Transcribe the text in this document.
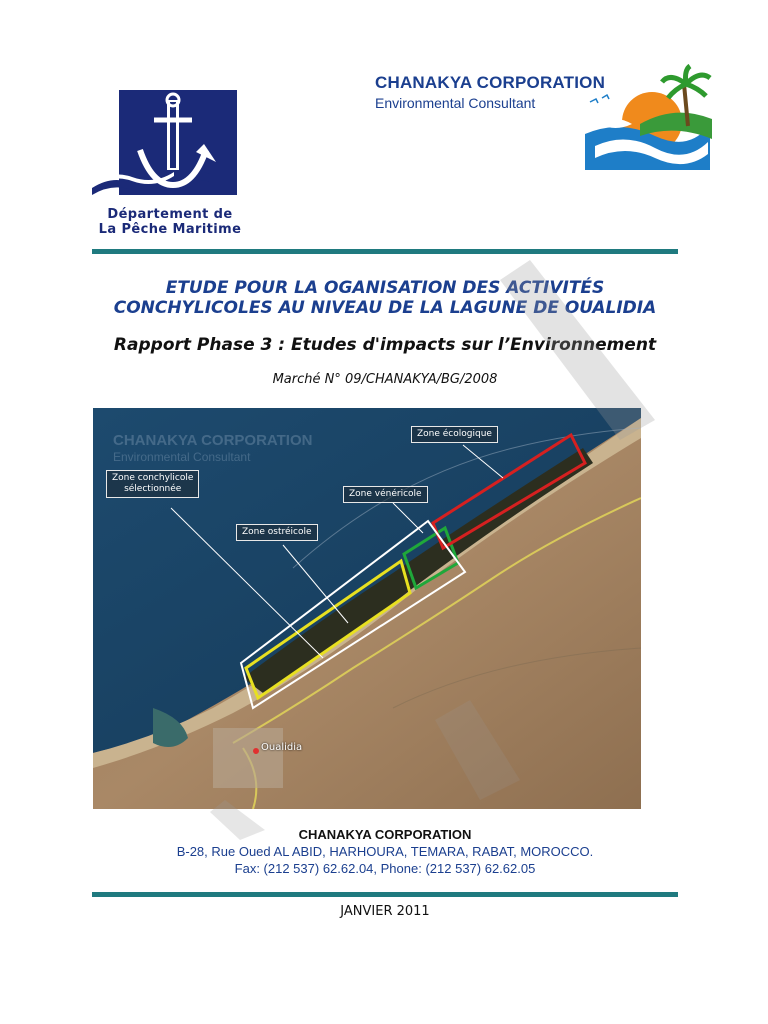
Département de
La Pêche Maritime
CHANAKYA CORPORATION
Environmental Consultant
ETUDE POUR LA OGANISATION DES ACTIVITÉS
CONCHYLICOLES AU NIVEAU DE LA LAGUNE DE OUALIDIA
Rapport Phase 3 : Etudes d'impacts sur l’Environnement
Marché N° 09/CHANAKYA/BG/2008
Zone écologique
Zone conchylicole
sélectionnée	Zone vénéricole
Zone ostréicole
Oualidia
CHANAKYA CORPORATION
Environmental Consultant
CHANAKYA CORPORATION
B-28, Rue Oued AL ABID, HARHOURA, TEMARA, RABAT, MOROCCO.
Fax: (212 537) 62.62.04, Phone: (212 537) 62.62.05
JANVIER 2011
